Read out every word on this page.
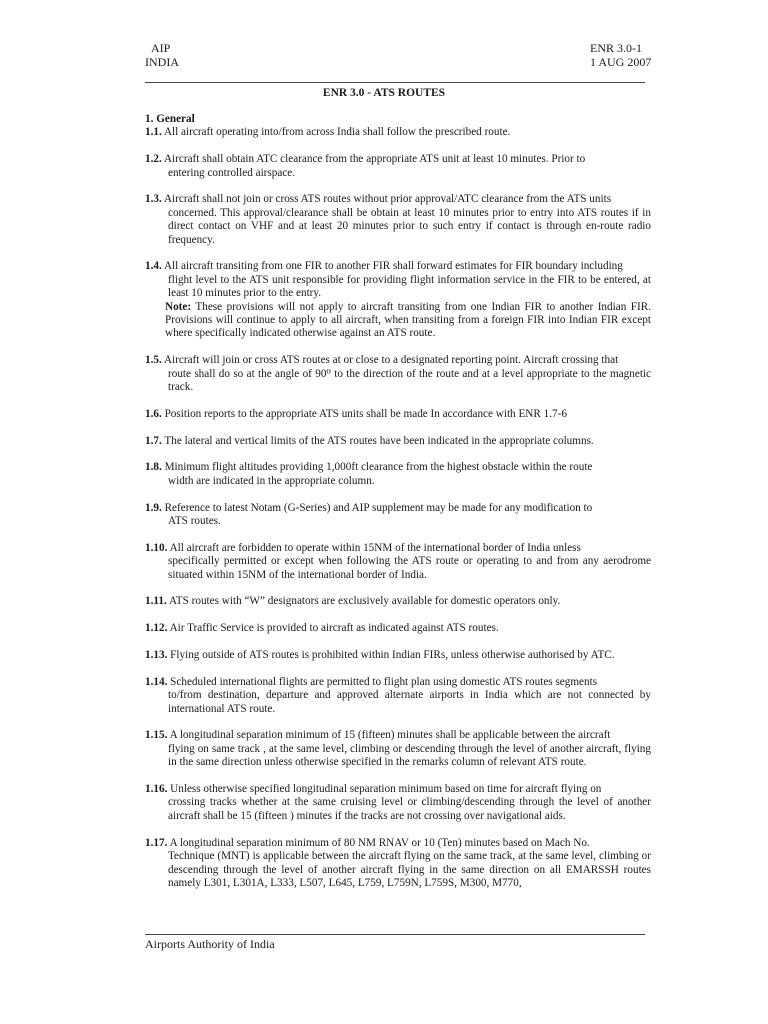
AIP
INDIA
ENR 3.0-1
1 AUG 2007
ENR 3.0 - ATS ROUTES
1. General
1.1. All aircraft operating into/from across India shall follow the prescribed route.
1.2. Aircraft shall obtain ATC clearance from the appropriate ATS unit at least 10 minutes. Prior to
entering controlled airspace.
1.3. Aircraft shall not join or cross ATS routes without prior approval/ATC clearance from the ATS units
concerned. This approval/clearance shall be obtain at least 10 minutes prior to entry into ATS routes if in direct contact on VHF and at least 20 minutes prior to such entry if contact is through en-route radio frequency.
1.4. All aircraft transiting from one FIR to another FIR shall forward estimates for FIR boundary including
flight level to the ATS unit responsible for providing flight information service in the FIR to be entered, at least 10 minutes prior to the entry.
Note: These provisions will not apply to aircraft transiting from one Indian FIR to another Indian FIR. Provisions will continue to apply to all aircraft, when transiting from a foreign FIR into Indian FIR except where specifically indicated otherwise against an ATS route.
1.5. Aircraft will join or cross ATS routes at or close to a designated reporting point. Aircraft crossing that
route shall do so at the angle of 90⁰ to the direction of the route and at a level appropriate to the magnetic track.
1.6. Position reports to the appropriate ATS units shall be made In accordance with ENR 1.7-6
1.7. The lateral and vertical limits of the ATS routes have been indicated in the appropriate columns.
1.8. Minimum flight altitudes providing 1,000ft clearance from the highest obstacle within the route
width are indicated in the appropriate column.
1.9. Reference to latest Notam (G-Series) and AIP supplement may be made for any modification to
ATS routes.
1.10. All aircraft are forbidden to operate within 15NM of the international border of India unless
specifically permitted or except when following the ATS route or operating to and from any aerodrome situated within 15NM of the international border of India.
1.11. ATS routes with “W” designators are exclusively available for domestic operators only.
1.12. Air Traffic Service is provided to aircraft as indicated against ATS routes.
1.13. Flying outside of ATS routes is prohibited within Indian FIRs, unless otherwise authorised by ATC.
1.14. Scheduled international flights are permitted to flight plan using domestic ATS routes segments
to/from destination, departure and approved alternate airports in India which are not connected by international ATS route.
1.15. A longitudinal separation minimum of 15 (fifteen) minutes shall be applicable between the aircraft
flying on same track , at the same level, climbing or descending through the level of another aircraft, flying in the same direction unless otherwise specified in the remarks column of relevant ATS route.
1.16. Unless otherwise specified longitudinal separation minimum based on time for aircraft flying on
crossing tracks whether at the same cruising level or climbing/descending through the level of another aircraft shall be 15 (fifteen ) minutes if the tracks are not crossing over navigational aids.
1.17. A longitudinal separation minimum of 80 NM RNAV or 10 (Ten) minutes based on Mach No.
Technique (MNT) is applicable between the aircraft flying on the same track, at the same level, climbing or descending through the level of another aircraft flying in the same direction on all EMARSSH routes namely L301, L301A, L333, L507, L645, L759, L759N, L759S, M300, M770,
Airports Authority of India
